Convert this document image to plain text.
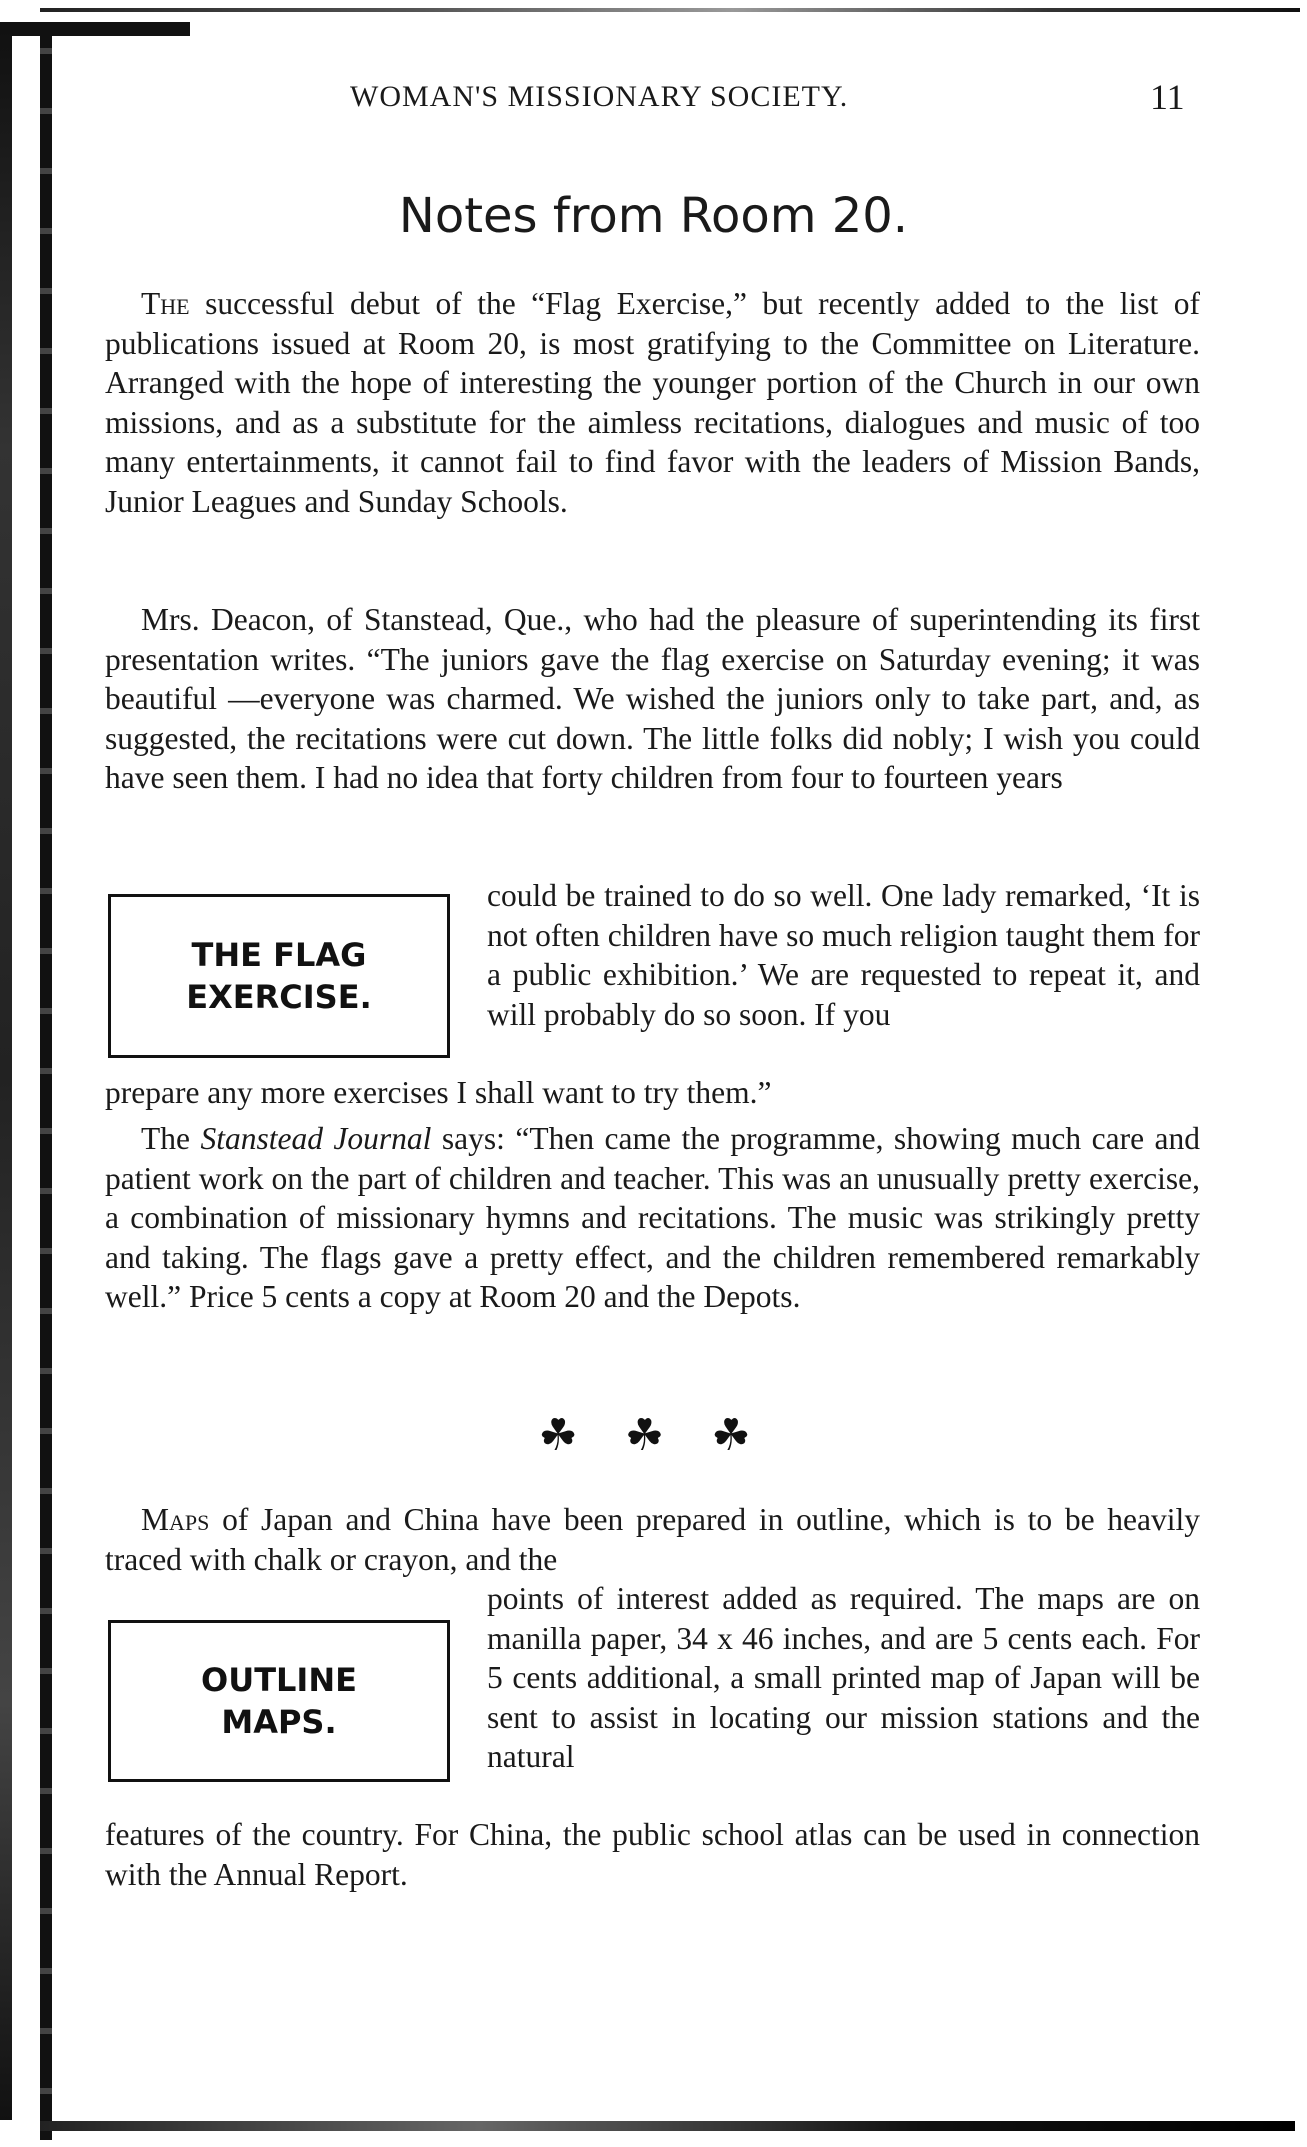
WOMAN'S MISSIONARY SOCIETY.	11
Notes from Room 20.

The successful debut of the “Flag Exercise,” but recently added to the list of publications issued at Room 20, is most gratifying to the Committee on Literature. Arranged with the hope of interesting the younger portion of the Church in our own missions, and as a substitute for the aimless recitations, dialogues and music of too many entertainments, it cannot fail to find favor with the leaders of Mission Bands, Junior Leagues and Sunday Schools.

Mrs. Deacon, of Stanstead, Que., who had the pleasure of superintending its first presentation writes. “The juniors gave the flag exercise on Saturday evening; it was beautiful —everyone was charmed. We wished the juniors only to take part, and, as suggested, the recitations were cut down. The little folks did nobly; I wish you could have seen them. I had no idea that forty children from four to fourteen years

THE FLAG
EXERCISE.

could be trained to do so well. One lady remarked, ‘It is not often children have so much religion taught them for a public exhibition.’ We are requested to repeat it, and will probably do so soon. If you

prepare any more exercises I shall want to try them.”

The Stanstead Journal says: “Then came the programme, showing much care and patient work on the part of children and teacher. This was an unusually pretty exercise, a combination of missionary hymns and recitations. The music was strikingly pretty and taking. The flags gave a pretty effect, and the children remembered remarkably well.” Price 5 cents a copy at Room 20 and the Depots.

☘ ☘ ☘

Maps of Japan and China have been prepared in outline, which is to be heavily traced with chalk or crayon, and the

OUTLINE
MAPS.

points of interest added as required. The maps are on manilla paper, 34 x 46 inches, and are 5 cents each. For 5 cents additional, a small printed map of Japan will be sent to assist in locating our mission stations and the natural

features of the country. For China, the public school atlas can be used in connection with the Annual Report.
